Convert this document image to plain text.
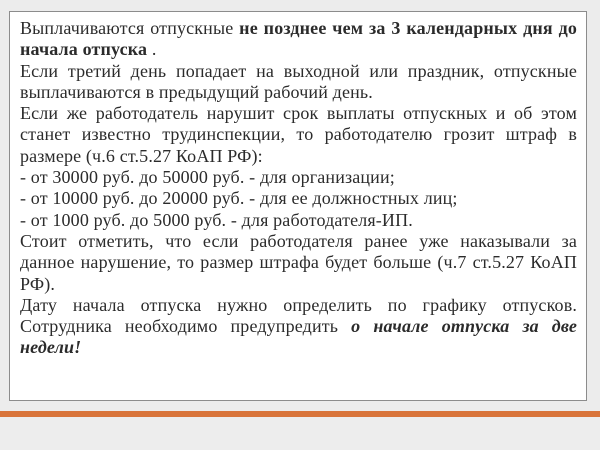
Выплачиваются отпускные не позднее чем за 3 календарных дня до начала отпуска .

Если третий день попадает на выходной или праздник, отпускные выплачиваются в предыдущий рабочий день.

Если же работодатель нарушит срок выплаты отпускных и об этом станет известно трудинспекции, то работодателю грозит штраф в размере (ч.6 ст.5.27 КоАП РФ):

- от 30000 руб. до 50000 руб. - для организации;

- от 10000 руб. до 20000 руб. - для ее должностных лиц;

- от 1000 руб. до 5000 руб. - для работодателя-ИП.

Стоит отметить, что если работодателя ранее уже наказывали за данное нарушение, то размер штрафа будет больше (ч.7 ст.5.27 КоАП РФ).

Дату начала отпуска нужно определить по графику отпусков. Сотрудника необходимо предупредить о начале отпуска за две недели!
